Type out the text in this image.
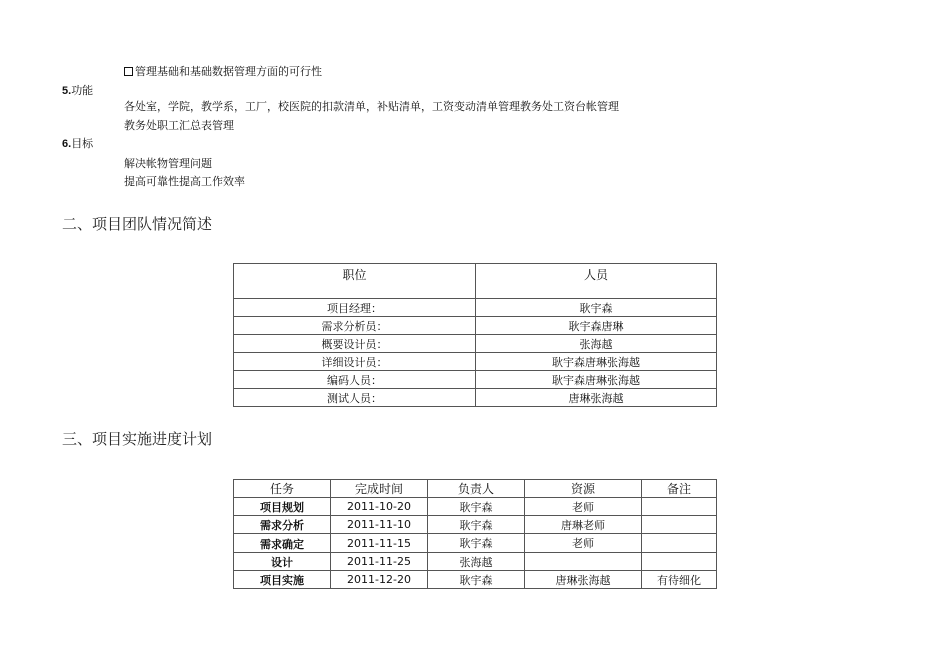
管理基础和基础数据管理方面的可行性
5.功能
各处室，学院，教学系，工厂，校医院的扣款清单，补贴清单，工资变动清单管理教务处工资台帐管理
教务处职工汇总表管理
6.目标
解决帐物管理问题
提高可靠性提高工作效率
二、项目团队情况简述
职位	人员
项目经理：	耿宇森
需求分析员：	耿宇森唐琳
概要设计员：	张海越
详细设计员：	耿宇森唐琳张海越
编码人员：	耿宇森唐琳张海越
测试人员：	唐琳张海越
三、项目实施进度计划
任务	完成时间	负责人	资源	备注
项目规划	2011-10-20	耿宇森	老师	
需求分析	2011-11-10	耿宇森	唐琳老师	
需求确定	2011-11-15	耿宇森	老师	
设计	2011-11-25	张海越		
项目实施	2011-12-20	耿宇森	唐琳张海越	有待细化
